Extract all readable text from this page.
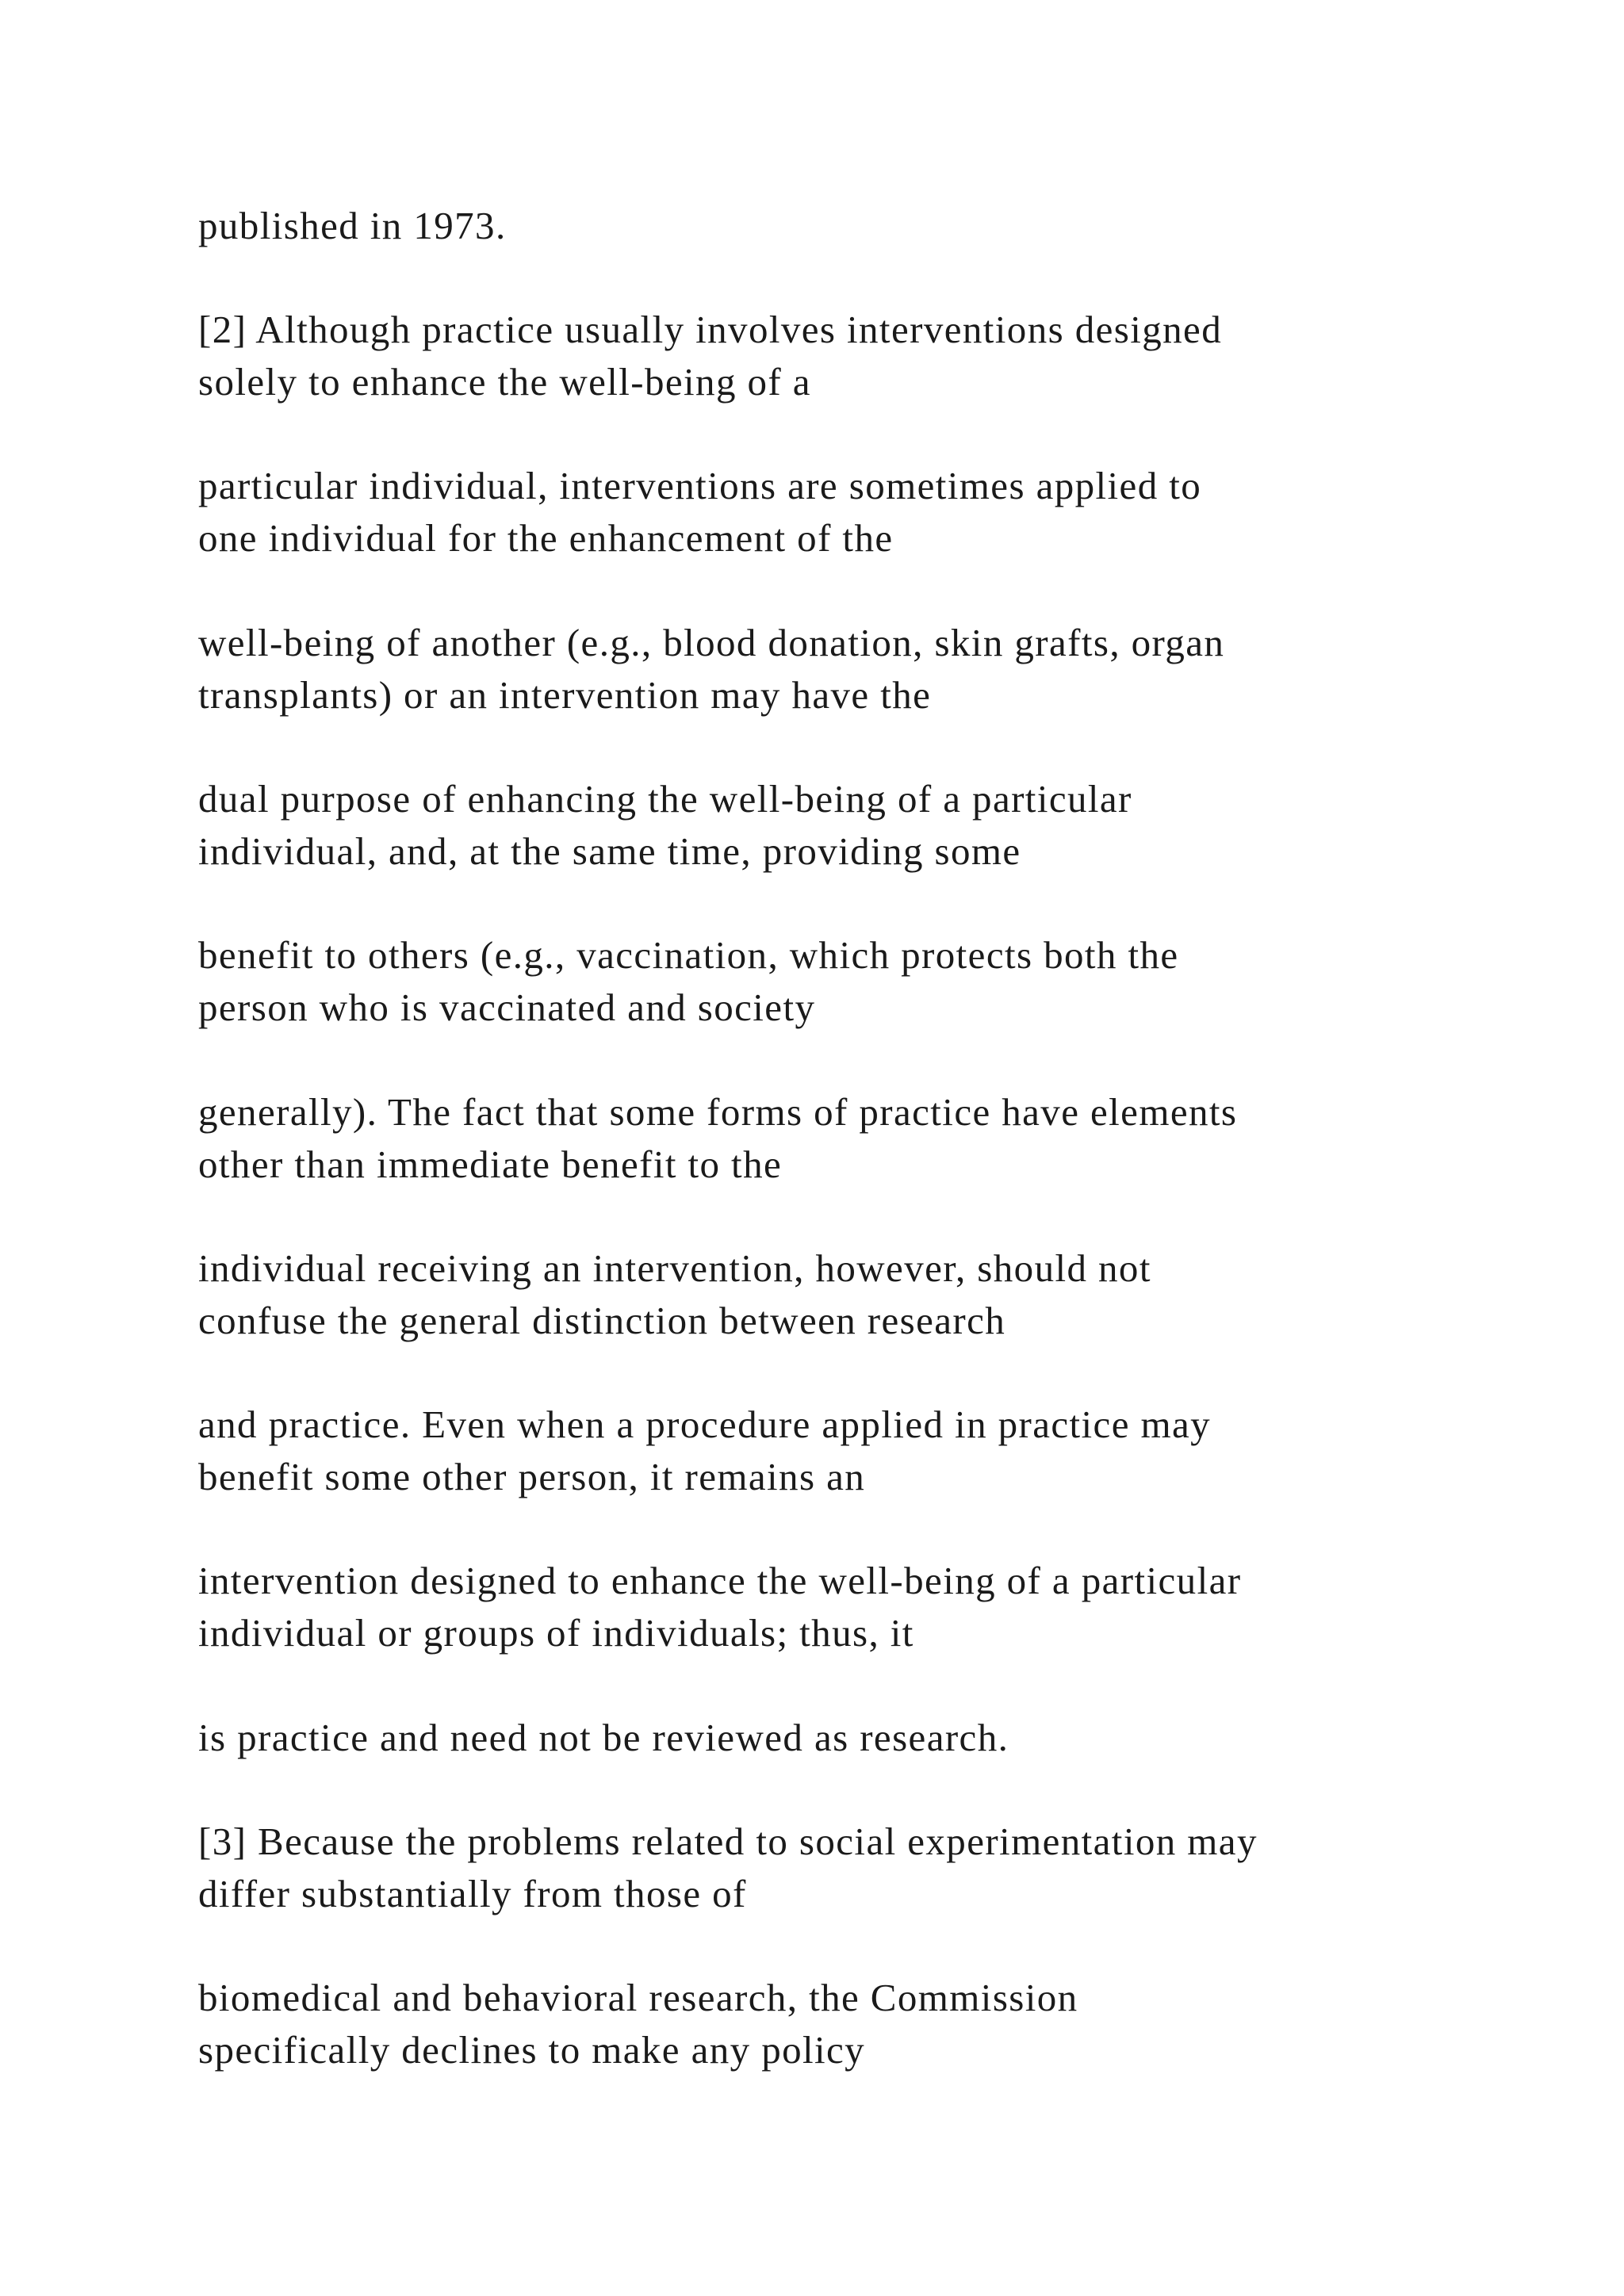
published in 1973.

[2] Although practice usually involves interventions designed
solely to enhance the well-being of a

particular individual, interventions are sometimes applied to
one individual for the enhancement of the

well-being of another (e.g., blood donation, skin grafts, organ
transplants) or an intervention may have the

dual purpose of enhancing the well-being of a particular
individual, and, at the same time, providing some

benefit to others (e.g., vaccination, which protects both the
person who is vaccinated and society

generally). The fact that some forms of practice have elements
other than immediate benefit to the

individual receiving an intervention, however, should not
confuse the general distinction between research

and practice. Even when a procedure applied in practice may
benefit some other person, it remains an

intervention designed to enhance the well-being of a particular
individual or groups of individuals; thus, it

is practice and need not be reviewed as research.

[3] Because the problems related to social experimentation may
differ substantially from those of

biomedical and behavioral research, the Commission
specifically declines to make any policy
